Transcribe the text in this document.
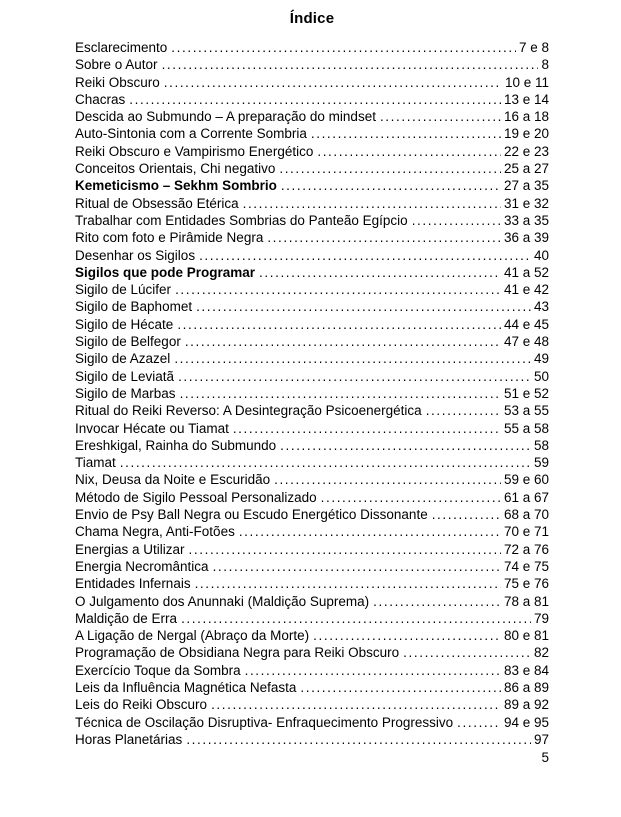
Índice
Esclarecimento .....	7 e 8
Sobre o Autor .....	8
Reiki Obscuro .....	10 e 11
Chacras .....	13 e 14
Descida ao Submundo – A preparação do mindset .....	16 a 18
Auto-Sintonia com a Corrente Sombria .....	19 e 20
Reiki Obscuro e Vampirismo Energético .....	22 e 23
Conceitos Orientais, Chi negativo .....	25 a 27
Kemeticismo – Sekhm Sombrio .....	27 a 35
Ritual de Obsessão Etérica .....	31 e 32
Trabalhar com Entidades Sombrias do Panteão Egípcio .....	33 a 35
Rito com foto e Pirâmide Negra .....	36 a 39
Desenhar os Sigilos .....	40
Sigilos que pode Programar .....	41 a 52
Sigilo de Lúcifer .....	41 e 42
Sigilo de Baphomet .....	43
Sigilo de Hécate .....	44 e 45
Sigilo de Belfegor .....	47 e 48
Sigilo de Azazel .....	49
Sigilo de Leviatã .....	50
Sigilo de Marbas .....	51 e 52
Ritual do Reiki Reverso: A Desintegração Psicoenergética .....	53 a 55
Invocar Hécate ou Tiamat .....	55 a 58
Ereshkigal, Rainha do Submundo .....	58
Tiamat .....	59
Nix, Deusa da Noite e Escuridão .....	59 e 60
Método de Sigilo Pessoal Personalizado .....	61 a 67
Envio de Psy Ball Negra ou Escudo Energético Dissonante .....	68 a 70
Chama Negra, Anti-Fotões .....	70 e 71
Energias a Utilizar .....	72 a 76
Energia Necromântica .....	74 e 75
Entidades Infernais .....	75 e 76
O Julgamento dos Anunnaki (Maldição Suprema) .....	78 a 81
Maldição de Erra .....	79
A Ligação de Nergal (Abraço da Morte) .....	80 e 81
Programação de Obsidiana Negra para Reiki Obscuro .....	82
Exercício Toque da Sombra .....	83 e 84
Leis da Influência Magnética Nefasta .....	86 a 89
Leis do Reiki Obscuro .....	89 a 92
Técnica de Oscilação Disruptiva- Enfraquecimento Progressivo .....	94 e 95
Horas Planetárias .....	97
5
